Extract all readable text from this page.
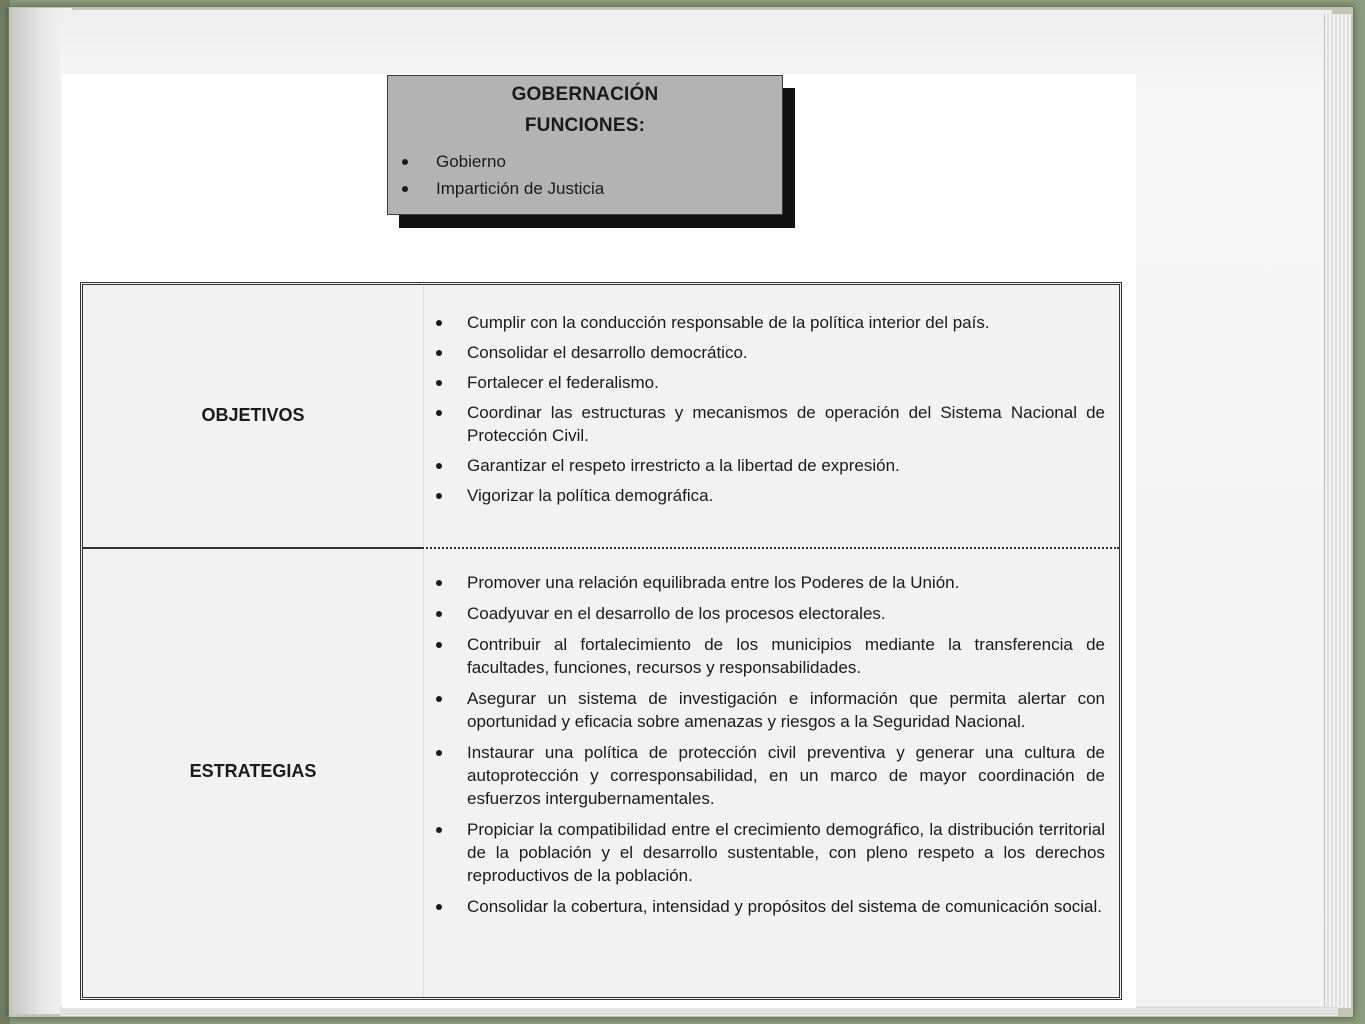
GOBERNACIÓN
FUNCIONES:
Gobierno
Impartición de Justicia
OBJETIVOS
Cumplir con la conducción responsable de la política interior del país.
Consolidar el desarrollo democrático.
Fortalecer el federalismo.
Coordinar las estructuras y mecanismos de operación del Sistema Nacional de Protección Civil.
Garantizar el respeto irrestricto a la libertad de expresión.
Vigorizar la política demográfica.
ESTRATEGIAS
Promover una relación equilibrada entre los Poderes de la Unión.
Coadyuvar en el desarrollo de los procesos electorales.
Contribuir al fortalecimiento de los municipios mediante la transferencia de facultades, funciones, recursos y responsabilidades.
Asegurar un sistema de investigación e información que permita alertar con oportunidad y eficacia sobre amenazas y riesgos a la Seguridad Nacional.
Instaurar una política de protección civil preventiva y generar una cultura de autoprotección y corresponsabilidad, en un marco de mayor coordinación de esfuerzos intergubernamentales.
Propiciar la compatibilidad entre el crecimiento demográfico, la distribución territorial de la población y el desarrollo sustentable, con pleno respeto a los derechos reproductivos de la población.
Consolidar la cobertura, intensidad y propósitos del sistema de comunicación social.
